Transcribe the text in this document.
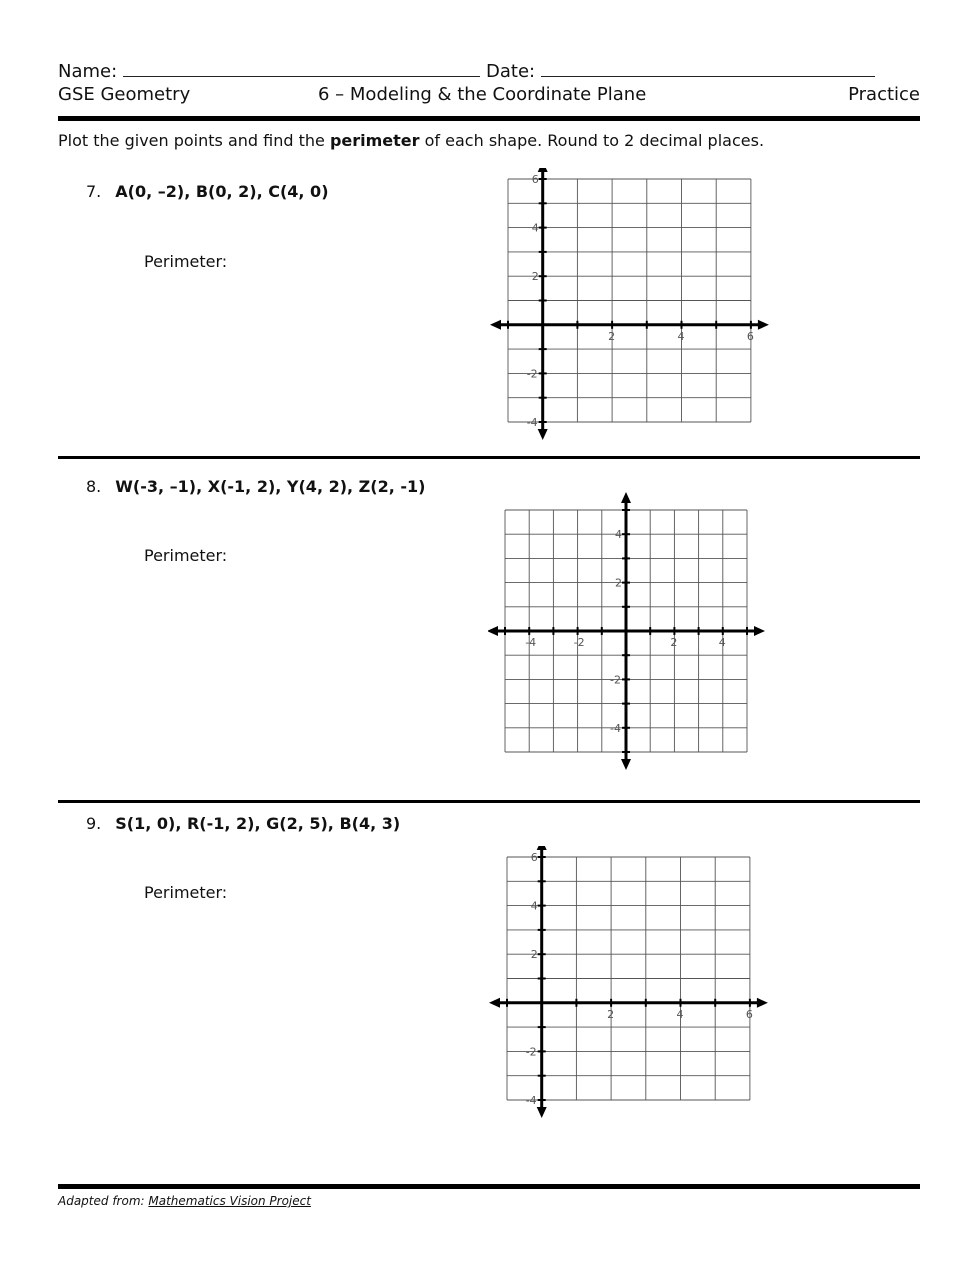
Name:	Date:
GSE Geometry	6 – Modeling & the Coordinate Plane	Practice
Plot the given points and find the perimeter of each shape. Round to 2 decimal places.
7. A(0, –2), B(0, 2), C(4, 0)
Perimeter:
2	4	6
6
4
2
-2
-4
8. W(-3, –1), X(-1, 2), Y(4, 2), Z(2, -1)
Perimeter:
-4	-2	2	4
4
2
-2
-4
9. S(1, 0), R(-1, 2), G(2, 5), B(4, 3)
Perimeter:
2	4	6
6
4
2
-2
-4
Adapted from: Mathematics Vision Project
